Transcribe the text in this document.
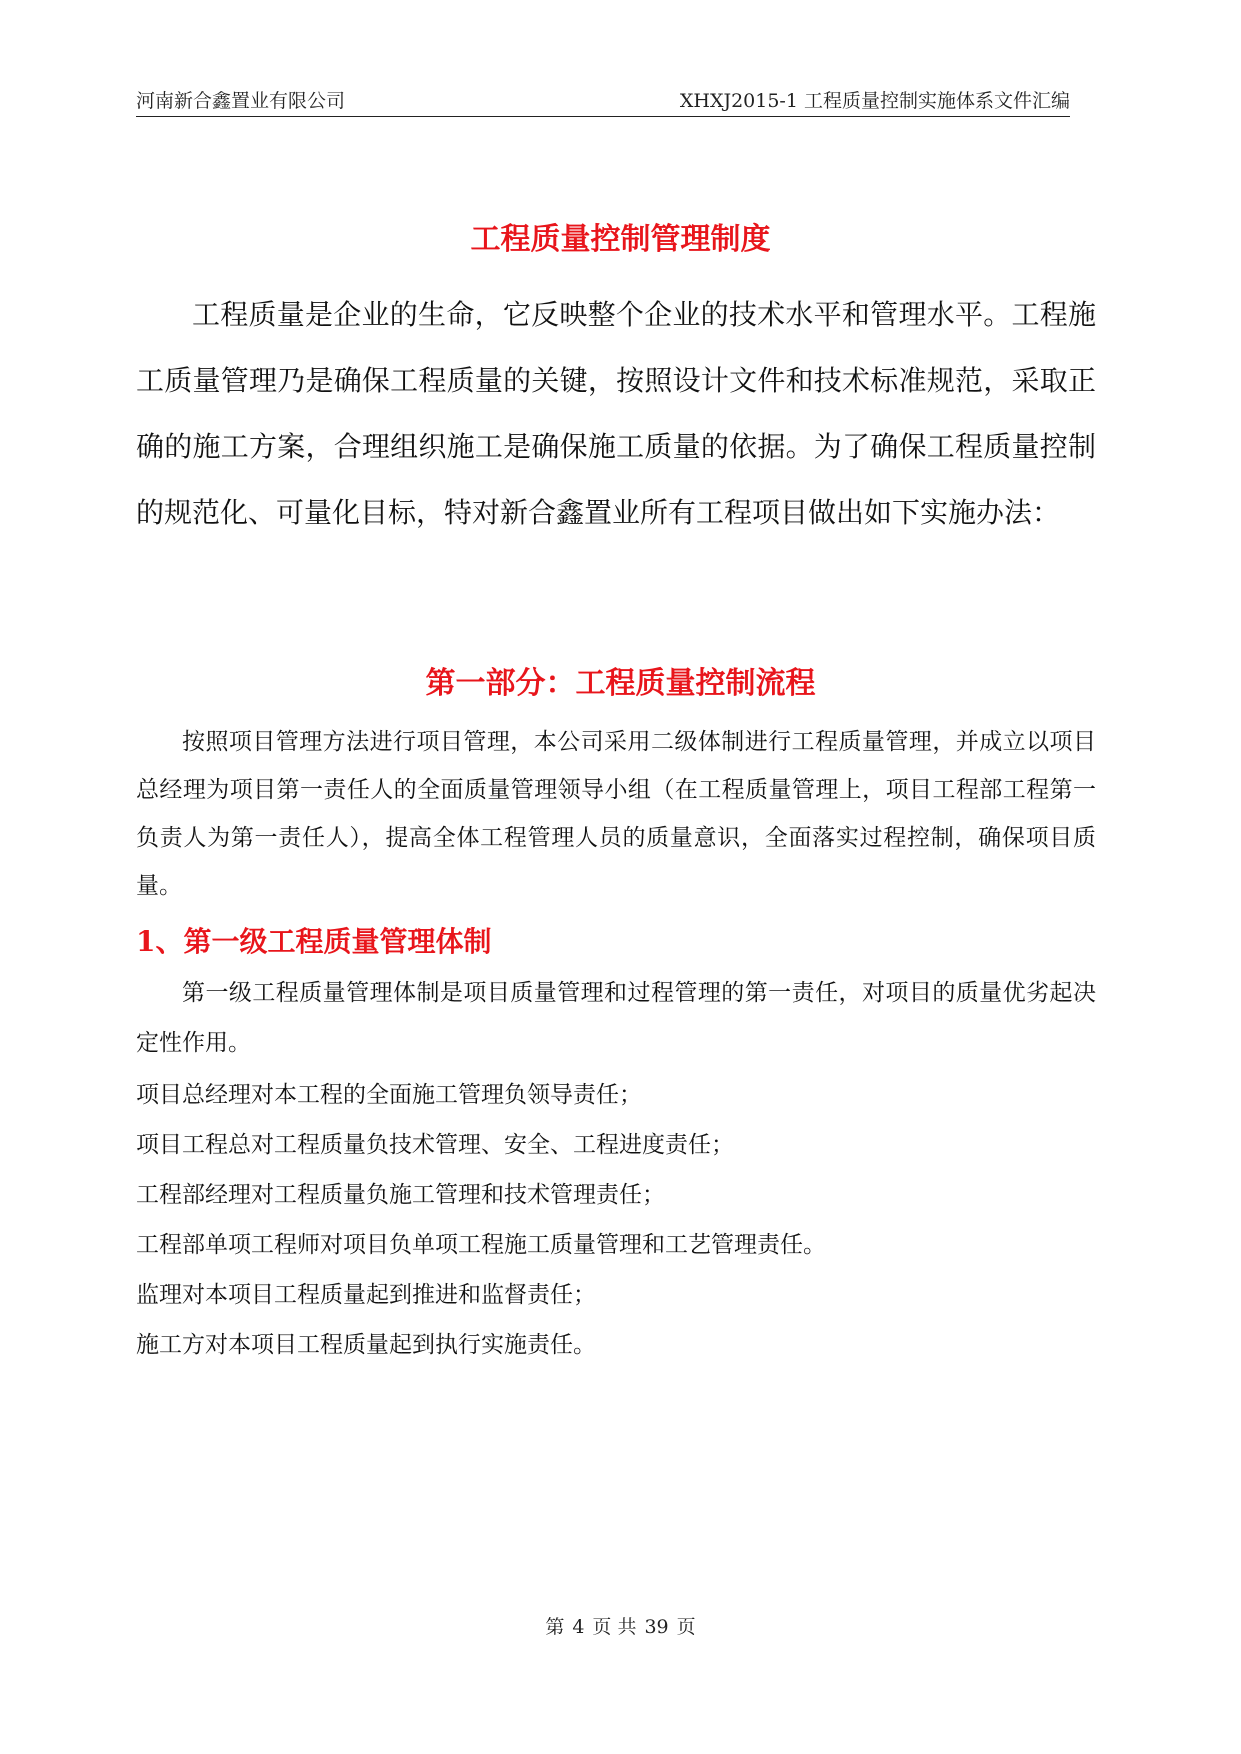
河南新合鑫置业有限公司	XHXJ2015-1 工程质量控制实施体系文件汇编
工程质量控制管理制度

工程质量是企业的生命，它反映整个企业的技术水平和管理水平。工程施工质量管理乃是确保工程质量的关键，按照设计文件和技术标准规范，采取正确的施工方案，合理组织施工是确保施工质量的依据。为了确保工程质量控制的规范化、可量化目标，特对新合鑫置业所有工程项目做出如下实施办法：

第一部分：工程质量控制流程

按照项目管理方法进行项目管理，本公司采用二级体制进行工程质量管理，并成立以项目总经理为项目第一责任人的全面质量管理领导小组（在工程质量管理上，项目工程部工程第一负责人为第一责任人），提高全体工程管理人员的质量意识，全面落实过程控制，确保项目质量。

1、第一级工程质量管理体制

第一级工程质量管理体制是项目质量管理和过程管理的第一责任，对项目的质量优劣起决定性作用。

项目总经理对本工程的全面施工管理负领导责任；
项目工程总对工程质量负技术管理、安全、工程进度责任；
工程部经理对工程质量负施工管理和技术管理责任；
工程部单项工程师对项目负单项工程施工质量管理和工艺管理责任。
监理对本项目工程质量起到推进和监督责任；
施工方对本项目工程质量起到执行实施责任。
第 4 页 共 39 页
